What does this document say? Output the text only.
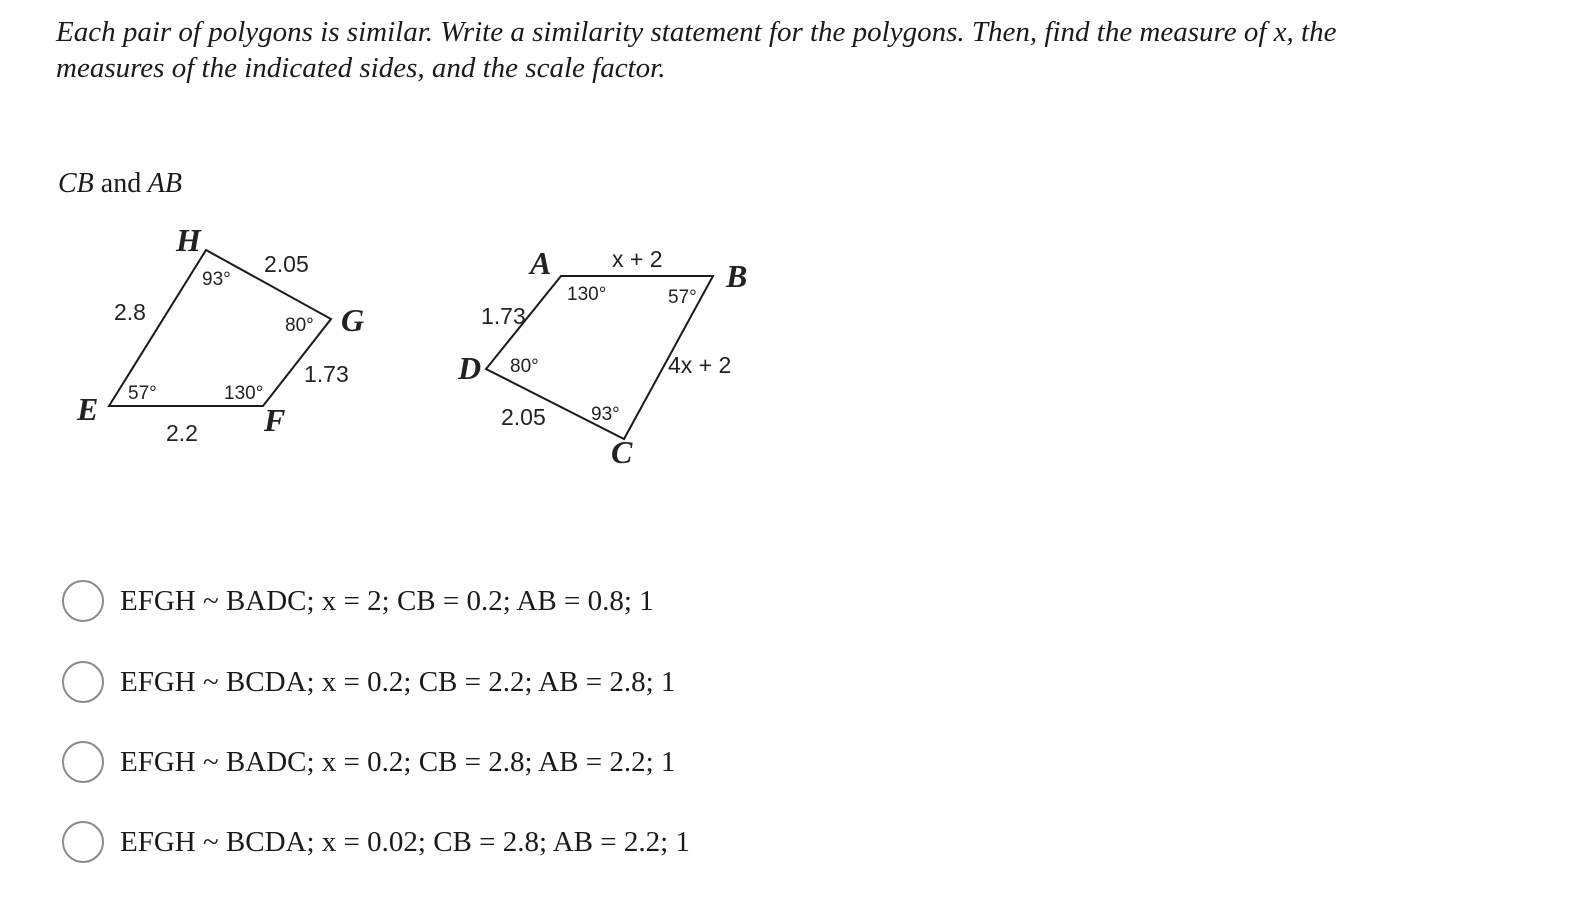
Each pair of polygons is similar. Write a similarity statement for the polygons. Then, find the measure of x, the
measures of the indicated sides, and the scale factor.

CB and AB
H
G
F
E
2.05
2.8
1.73
2.2
93°
80°
130°
57°
A	B
C
D
x + 2
1.73
4x + 2
2.05
130°	57°
93°
80°
EFGH ~ BADC; x = 2; CB = 0.2; AB = 0.8; 1
EFGH ~ BCDA; x = 0.2; CB = 2.2; AB = 2.8; 1
EFGH ~ BADC; x = 0.2; CB = 2.8; AB = 2.2; 1
EFGH ~ BCDA; x = 0.02; CB = 2.8; AB = 2.2; 1
